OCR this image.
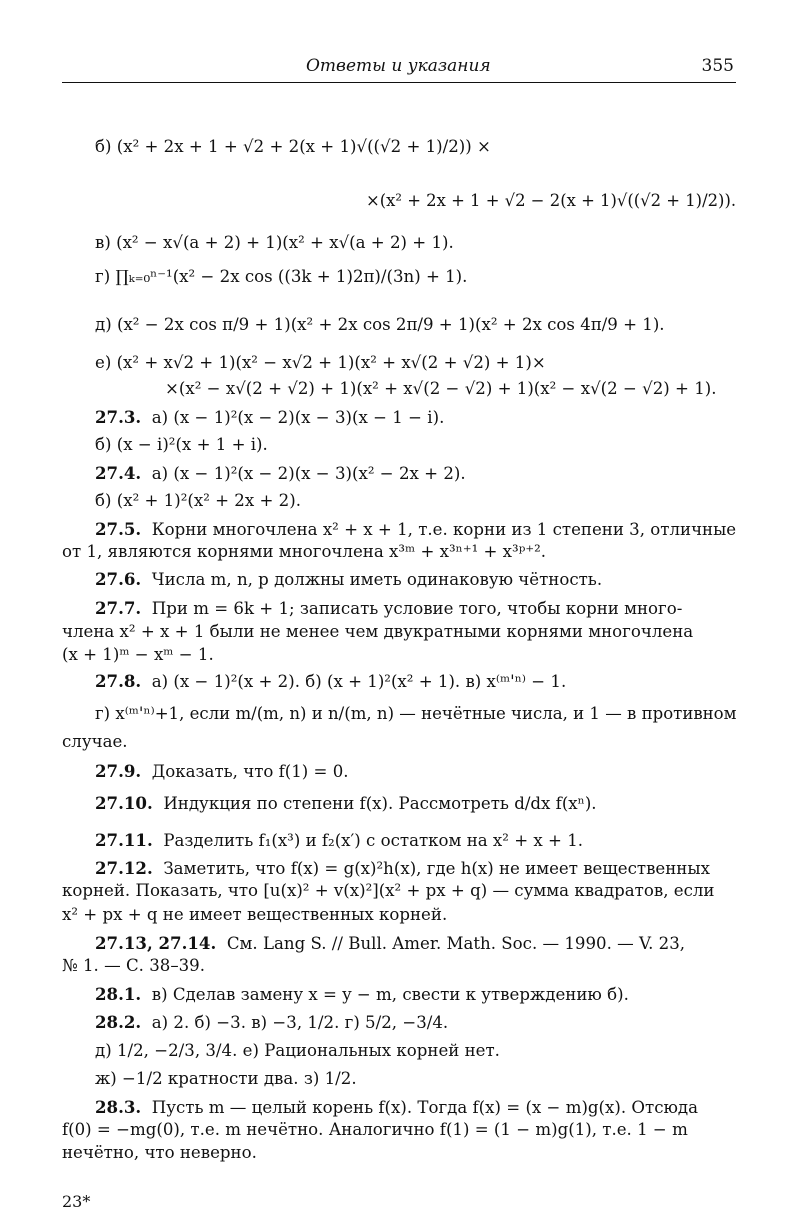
Ответы и указания	355
б) (x² + 2x + 1 + √2 + 2(x + 1)√((√2 + 1)/2)) ×
×(x² + 2x + 1 + √2 − 2(x + 1)√((√2 + 1)/2)).
в) (x² − x√(a + 2) + 1)(x² + x√(a + 2) + 1).
г) ∏ₖ₌₀ⁿ⁻¹(x² − 2x cos ((3k + 1)2π)/(3n) + 1).
д) (x² − 2x cos π/9 + 1)(x² + 2x cos 2π/9 + 1)(x² + 2x cos 4π/9 + 1).
е) (x² + x√2 + 1)(x² − x√2 + 1)(x² + x√(2 + √2) + 1)×
×(x² − x√(2 + √2) + 1)(x² + x√(2 − √2) + 1)(x² − x√(2 − √2) + 1).
27.3. а) (x − 1)²(x − 2)(x − 3)(x − 1 − i).
б) (x − i)²(x + 1 + i).
27.4. а) (x − 1)²(x − 2)(x − 3)(x² − 2x + 2).
б) (x² + 1)²(x² + 2x + 2).
27.5. Корни многочлена x² + x + 1, т.е. корни из 1 степени 3, отличные
от 1, являются корнями многочлена x³ᵐ + x³ⁿ⁺¹ + x³ᵖ⁺².
27.6. Числа m, n, p должны иметь одинаковую чётность.
27.7. При m = 6k + 1; записать условие того, чтобы корни много-
члена x² + x + 1 были не менее чем двукратными корнями многочлена
(x + 1)ᵐ − xᵐ − 1.
27.8. а) (x − 1)²(x + 2). б) (x + 1)²(x² + 1). в) x⁽ᵐ'ⁿ⁾ − 1.
г) x⁽ᵐ'ⁿ⁾+1, если m/(m, n) и n/(m, n) — нечётные числа, и 1 — в противном
случае.
27.9. Доказать, что f(1) = 0.
27.10. Индукция по степени f(x). Рассмотреть d/dx f(xⁿ).
27.11. Разделить f₁(x³) и f₂(x′) с остатком на x² + x + 1.
27.12. Заметить, что f(x) = g(x)²h(x), где h(x) не имеет вещественных
корней. Показать, что [u(x)² + v(x)²](x² + px + q) — сумма квадратов, если
x² + px + q не имеет вещественных корней.
27.13, 27.14. См. Lang S. // Bull. Amer. Math. Soc. — 1990. — V. 23,
№ 1. — С. 38–39.
28.1. в) Сделав замену x = y − m, свести к утверждению б).
28.2. а) 2. б) −3. в) −3, 1/2. г) 5/2, −3/4.
д) 1/2, −2/3, 3/4. е) Рациональных корней нет.
ж) −1/2 кратности два. з) 1/2.
28.3. Пусть m — целый корень f(x). Тогда f(x) = (x − m)g(x). Отсюда
f(0) = −mg(0), т.е. m нечётно. Аналогично f(1) = (1 − m)g(1), т.е. 1 − m
нечётно, что неверно.
23*
